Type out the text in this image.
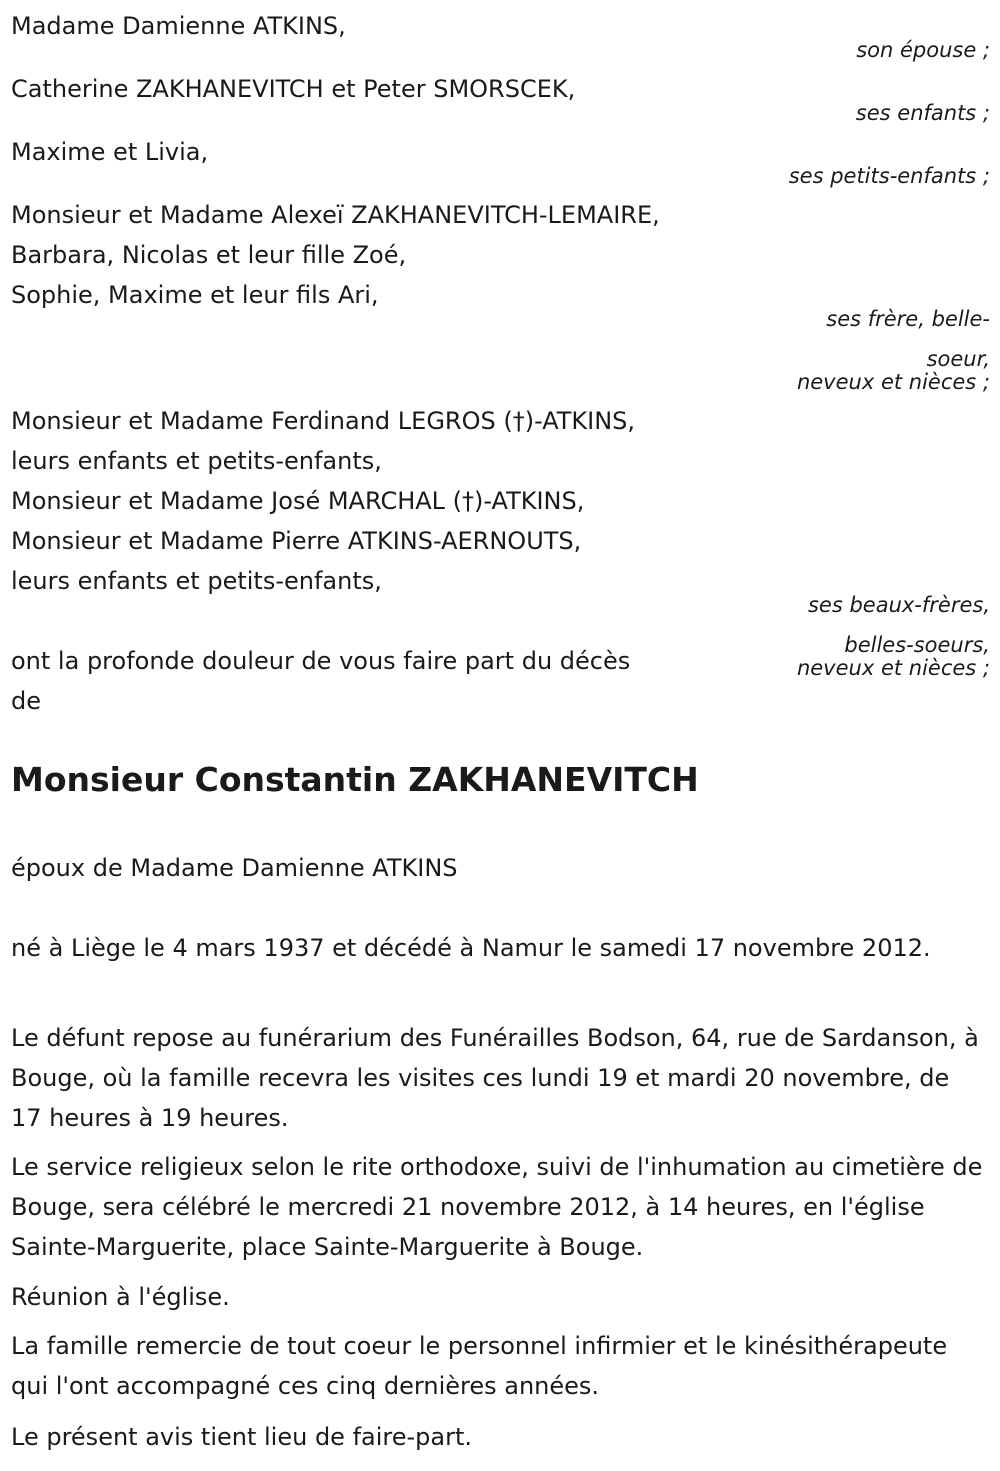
Madame Damienne ATKINS,
son épouse ;
Catherine ZAKHANEVITCH et Peter SMORSCEK,
ses enfants ;
Maxime et Livia,
ses petits-enfants ;
Monsieur et Madame Alexeï ZAKHANEVITCH-LEMAIRE,
Barbara, Nicolas et leur fille Zoé,
Sophie, Maxime et leur fils Ari,
ses frère, belle-
soeur,
neveux et nièces ;
Monsieur et Madame Ferdinand LEGROS (†)-ATKINS,
leurs enfants et petits-enfants,
Monsieur et Madame José MARCHAL (†)-ATKINS,
Monsieur et Madame Pierre ATKINS-AERNOUTS,
leurs enfants et petits-enfants,
ses beaux-frères,
belles-soeurs,
neveux et nièces ;
ont la profonde douleur de vous faire part du décès
de
Monsieur Constantin ZAKHANEVITCH
époux de Madame Damienne ATKINS
né à Liège le 4 mars 1937 et décédé à Namur le samedi 17 novembre 2012.
Le défunt repose au funérarium des Funérailles Bodson, 64, rue de Sardanson, à Bouge, où la famille recevra les visites ces lundi 19 et mardi 20 novembre, de 17 heures à 19 heures.
Le service religieux selon le rite orthodoxe, suivi de l'inhumation au cimetière de Bouge, sera célébré le mercredi 21 novembre 2012, à 14 heures, en l'église Sainte-Marguerite, place Sainte-Marguerite à Bouge.
Réunion à l'église.
La famille remercie de tout coeur le personnel infirmier et le kinésithérapeute qui l'ont accompagné ces cinq dernières années.
Le présent avis tient lieu de faire-part.
